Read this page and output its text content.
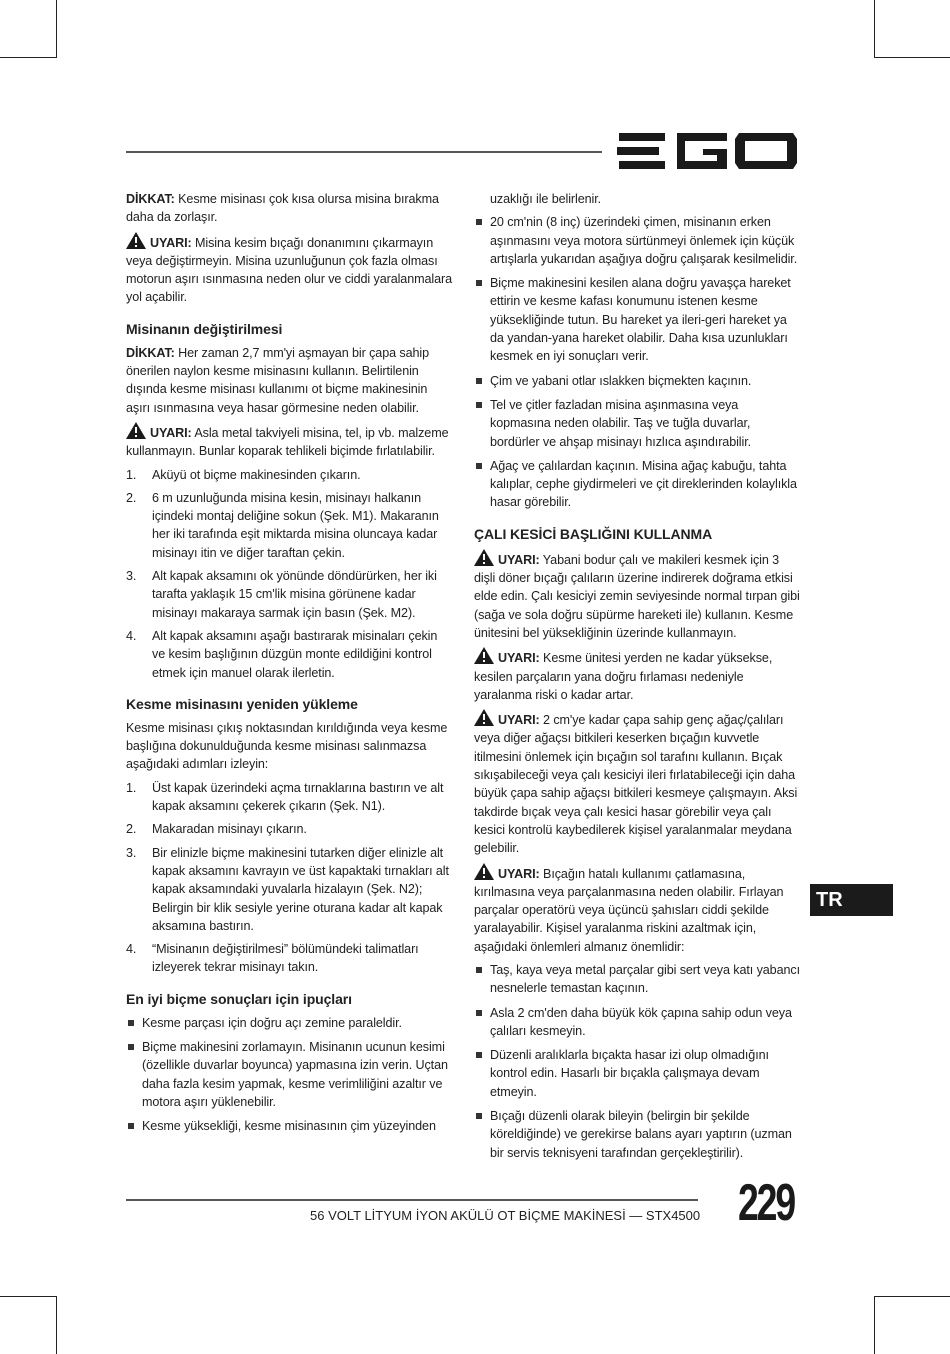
DİKKAT: Kesme misinası çok kısa olursa misina bırakma daha da zorlaşır.

UYARI: Misina kesim bıçağı donanımını çıkarmayın veya değiştirmeyin. Misina uzunluğunun çok fazla olması motorun aşırı ısınmasına neden olur ve ciddi yaralanmalara yol açabilir.

Misinanın değiştirilmesi

DİKKAT: Her zaman 2,7 mm'yi aşmayan bir çapa sahip önerilen naylon kesme misinasını kullanın. Belirtilenin dışında kesme misinası kullanımı ot biçme makinesinin aşırı ısınmasına veya hasar görmesine neden olabilir.

UYARI: Asla metal takviyeli misina, tel, ip vb. malzeme kullanmayın. Bunlar koparak tehlikeli biçimde fırlatılabilir.

1. Aküyü ot biçme makinesinden çıkarın.
2. 6 m uzunluğunda misina kesin, misinayı halkanın içindeki montaj deliğine sokun (Şek. M1). Makaranın her iki tarafında eşit miktarda misina oluncaya kadar misinayı itin ve diğer taraftan çekin.
3. Alt kapak aksamını ok yönünde döndürürken, her iki tarafta yaklaşık 15 cm'lik misina görünene kadar misinayı makaraya sarmak için basın (Şek. M2).
4. Alt kapak aksamını aşağı bastırarak misinaları çekin ve kesim başlığının düzgün monte edildiğini kontrol etmek için manuel olarak ilerletin.
Kesme misinasını yeniden yükleme

Kesme misinası çıkış noktasından kırıldığında veya kesme başlığına dokunulduğunda kesme misinası salınmazsa aşağıdaki adımları izleyin:

1. Üst kapak üzerindeki açma tırnaklarına bastırın ve alt kapak aksamını çekerek çıkarın (Şek. N1).
2. Makaradan misinayı çıkarın.
3. Bir elinizle biçme makinesini tutarken diğer elinizle alt kapak aksamını kavrayın ve üst kapaktaki tırnakları alt kapak aksamındaki yuvalarla hizalayın (Şek. N2); Belirgin bir klik sesiyle yerine oturana kadar alt kapak aksamına bastırın.
4. “Misinanın değiştirilmesi” bölümündeki talimatları izleyerek tekrar misinayı takın.
En iyi biçme sonuçları için ipuçları
Kesme parçası için doğru açı zemine paraleldir.
Biçme makinesini zorlamayın. Misinanın ucunun kesimi (özellikle duvarlar boyunca) yapmasına izin verin. Uçtan daha fazla kesim yapmak, kesme verimliliğini azaltır ve motora aşırı yüklenebilir.
Kesme yüksekliği, kesme misinasının çim yüzeyinden

uzaklığı ile belirlenir.

20 cm'nin (8 inç) üzerindeki çimen, misinanın erken aşınmasını veya motora sürtünmeyi önlemek için küçük artışlarla yukarıdan aşağıya doğru çalışarak kesilmelidir.
Biçme makinesini kesilen alana doğru yavaşça hareket ettirin ve kesme kafası konumunu istenen kesme yüksekliğinde tutun. Bu hareket ya ileri-geri hareket ya da yandan-yana hareket olabilir. Daha kısa uzunlukları kesmek en iyi sonuçları verir.
Çim ve yabani otlar ıslakken biçmekten kaçının.
Tel ve çitler fazladan misina aşınmasına veya kopmasına neden olabilir. Taş ve tuğla duvarlar, bordürler ve ahşap misinayı hızlıca aşındırabilir.
Ağaç ve çalılardan kaçının. Misina ağaç kabuğu, tahta kalıplar, cephe giydirmeleri ve çit direklerinden kolaylıkla hasar görebilir.
ÇALI KESİCİ BAŞLIĞINI KULLANMA

UYARI: Yabani bodur çalı ve makileri kesmek için 3 dişli döner bıçağı çalıların üzerine indirerek doğrama etkisi elde edin. Çalı kesiciyi zemin seviyesinde normal tırpan gibi (sağa ve sola doğru süpürme hareketi ile) kullanın. Kesme ünitesini bel yüksekliğinin üzerinde kullanmayın.

UYARI: Kesme ünitesi yerden ne kadar yüksekse, kesilen parçaların yana doğru fırlaması nedeniyle yaralanma riski o kadar artar.

UYARI: 2 cm'ye kadar çapa sahip genç ağaç/çalıları veya diğer ağaçsı bitkileri keserken bıçağın kuvvetle itilmesini önlemek için bıçağın sol tarafını kullanın. Bıçak sıkışabileceği veya çalı kesiciyi ileri fırlatabileceği için daha büyük çapa sahip ağaçsı bitkileri kesmeye çalışmayın. Aksi takdirde bıçak veya çalı kesici hasar görebilir veya çalı kesici kontrolü kaybedilerek kişisel yaralanmalar meydana gelebilir.

UYARI: Bıçağın hatalı kullanımı çatlamasına, kırılmasına veya parçalanmasına neden olabilir. Fırlayan parçalar operatörü veya üçüncü şahısları ciddi şekilde yaralayabilir. Kişisel yaralanma riskini azaltmak için, aşağıdaki önlemleri almanız önemlidir:

Taş, kaya veya metal parçalar gibi sert veya katı yabancı nesnelerle temastan kaçının.
Asla 2 cm'den daha büyük kök çapına sahip odun veya çalıları kesmeyin.
Düzenli aralıklarla bıçakta hasar izi olup olmadığını kontrol edin. Hasarlı bir bıçakla çalışmaya devam etmeyin.
Bıçağı düzenli olarak bileyin (belirgin bir şekilde köreldiğinde) ve gerekirse balans ayarı yaptırın (uzman bir servis teknisyeni tarafından gerçekleştirilir).
TR
56 VOLT LİTYUM İYON AKÜLÜ OT BİÇME MAKİNESİ — STX4500 229
